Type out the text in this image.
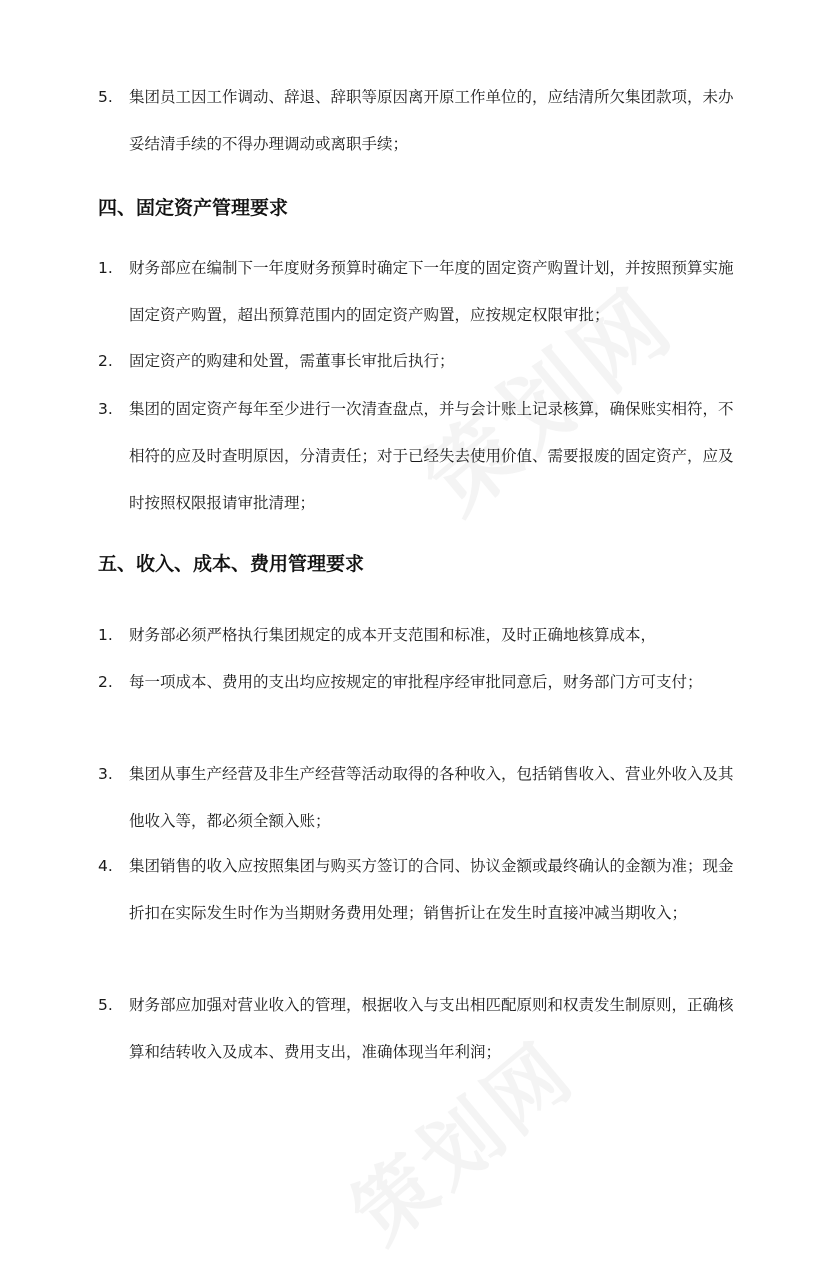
5. 集团员工因工作调动、辞退、辞职等原因离开原工作单位的，应结清所欠集团款项，未办妥结清手续的不得办理调动或离职手续；
四、固定资产管理要求
1. 财务部应在编制下一年度财务预算时确定下一年度的固定资产购置计划，并按照预算实施固定资产购置，超出预算范围内的固定资产购置，应按规定权限审批；
2. 固定资产的购建和处置，需董事长审批后执行；
3. 集团的固定资产每年至少进行一次清查盘点，并与会计账上记录核算，确保账实相符，不相符的应及时查明原因，分清责任；对于已经失去使用价值、需要报废的固定资产，应及时按照权限报请审批清理；
五、收入、成本、费用管理要求
1. 财务部必须严格执行集团规定的成本开支范围和标准，及时正确地核算成本，
2. 每一项成本、费用的支出均应按规定的审批程序经审批同意后，财务部门方可支付；
3. 集团从事生产经营及非生产经营等活动取得的各种收入，包括销售收入、营业外收入及其他收入等，都必须全额入账；
4. 集团销售的收入应按照集团与购买方签订的合同、协议金额或最终确认的金额为准；现金折扣在实际发生时作为当期财务费用处理；销售折让在发生时直接冲减当期收入；
5. 财务部应加强对营业收入的管理，根据收入与支出相匹配原则和权责发生制原则，正确核算和结转收入及成本、费用支出，准确体现当年利润；
